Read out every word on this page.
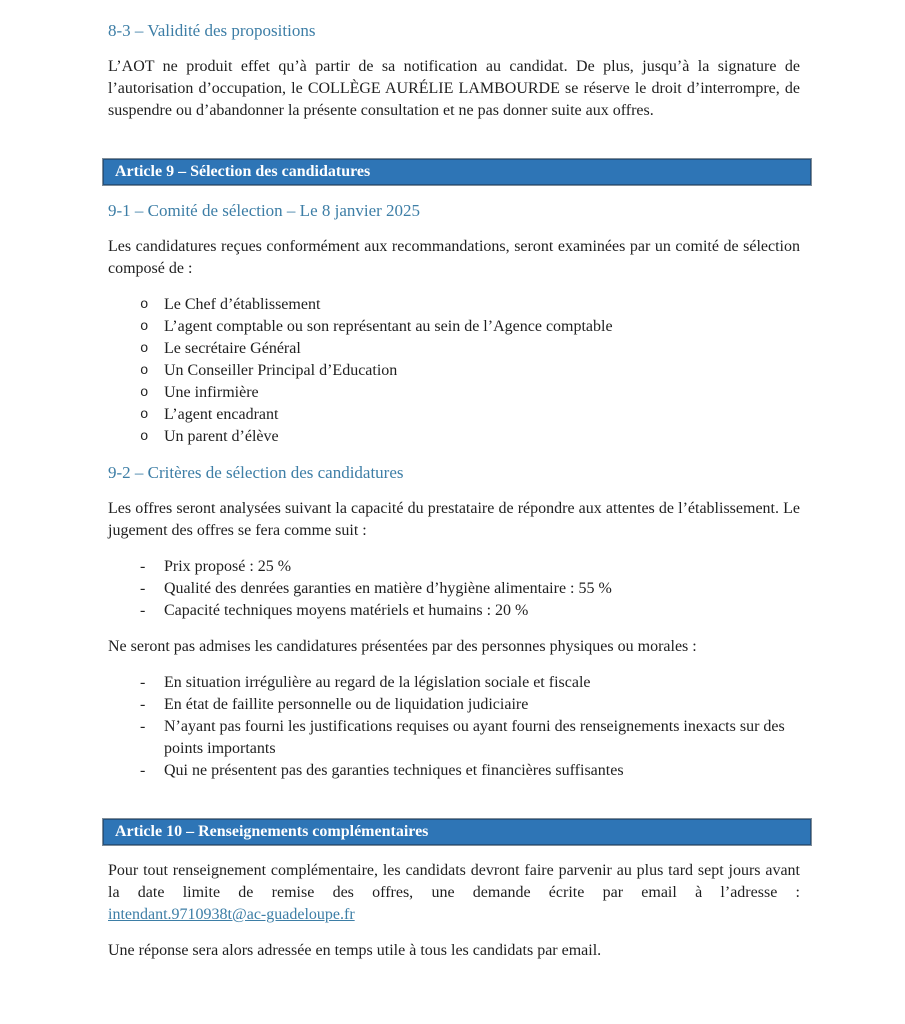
8-3 – Validité des propositions

L’AOT ne produit effet qu’à partir de sa notification au candidat. De plus, jusqu’à la signature de l’autorisation d’occupation, le COLLÈGE AURÉLIE LAMBOURDE se réserve le droit d’interrompre, de suspendre ou d’abandonner la présente consultation et ne pas donner suite aux offres.

Article 9 – Sélection des candidatures
9-1 – Comité de sélection – Le 8 janvier 2025

Les candidatures reçues conformément aux recommandations, seront examinées par un comité de sélection composé de :

o Le Chef d’établissement
o L’agent comptable ou son représentant au sein de l’Agence comptable
o Le secrétaire Général
o Un Conseiller Principal d’Education
o Une infirmière
o L’agent encadrant
o Un parent d’élève
9-2 – Critères de sélection des candidatures

Les offres seront analysées suivant la capacité du prestataire de répondre aux attentes de l’établissement. Le jugement des offres se fera comme suit :

-	Prix proposé : 25 %
-	Qualité des denrées garanties en matière d’hygiène alimentaire : 55 %
-	Capacité techniques moyens matériels et humains : 20 %

Ne seront pas admises les candidatures présentées par des personnes physiques ou morales :

-	En situation irrégulière au regard de la législation sociale et fiscale
-	En état de faillite personnelle ou de liquidation judiciaire
-	N’ayant pas fourni les justifications requises ou ayant fourni des renseignements inexacts sur des points importants
-	Qui ne présentent pas des garanties techniques et financières suffisantes
Article 10 – Renseignements complémentaires

Pour tout renseignement complémentaire, les candidats devront faire parvenir au plus tard sept jours avant la date limite de remise des offres, une demande écrite par email à l’adresse : intendant.9710938t@ac-guadeloupe.fr

Une réponse sera alors adressée en temps utile à tous les candidats par email.
